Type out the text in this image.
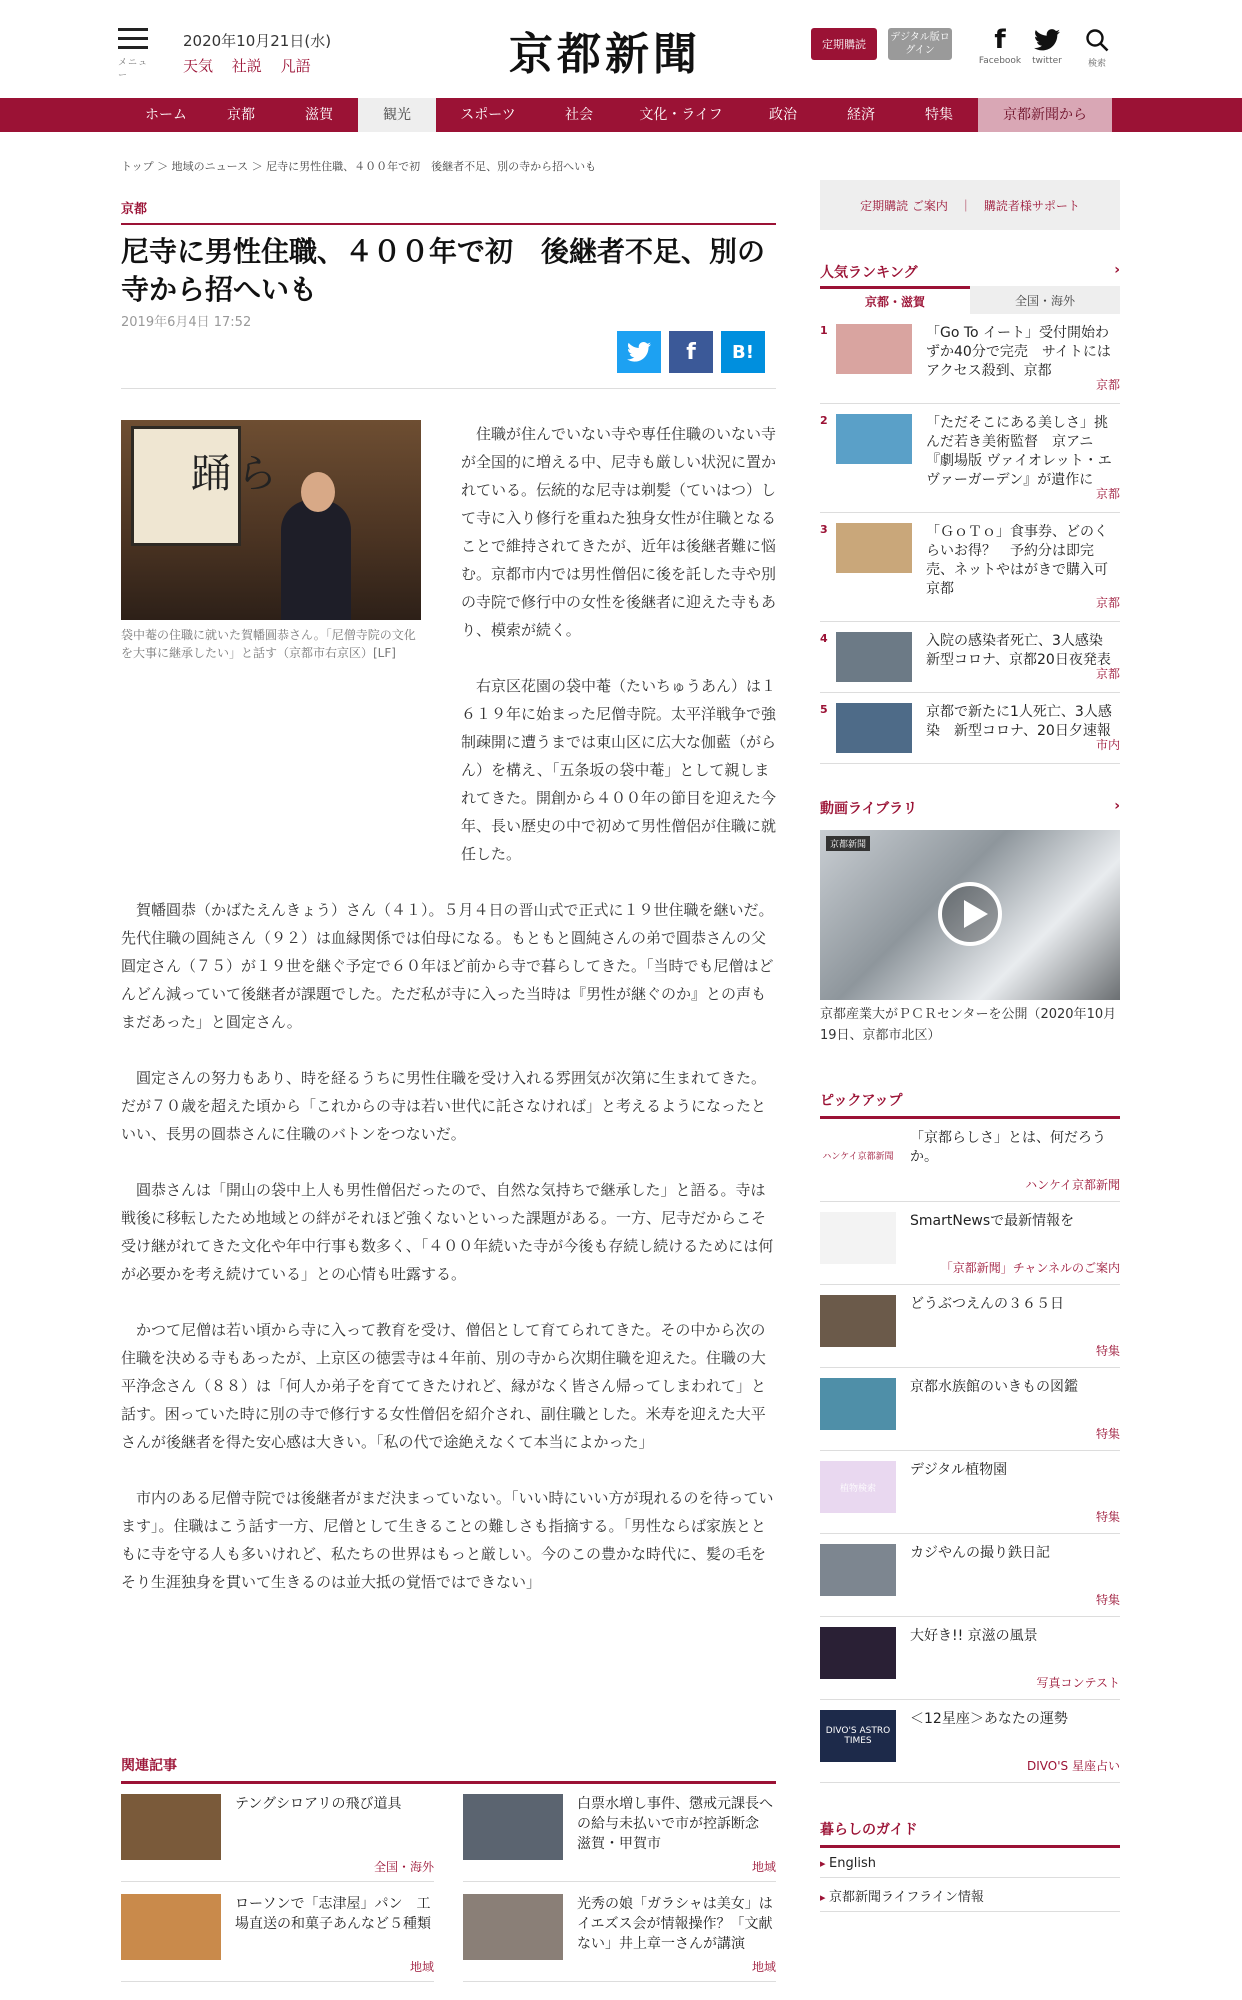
メニュー
2020年10月21日(水)
天気 社説 凡語	京都新聞	定期購読	デジタル版ログイン	f
Facebook	twitter	検索
ホーム	京都	滋賀	観光	スポーツ	社会	文化・ライフ	政治	経済	特集	京都新聞から
トップ ＞ 地域のニュース ＞ 尼寺に男性住職、４００年で初　後継者不足、別の寺から招へいも
京都
尼寺に男性住職、４００年で初　後継者不足、別の寺から招へいも
2019年6月4日 17:52
f	B!
踊ら
袋中菴の住職に就いた賀幡圓恭さん。「尼僧寺院の文化を大事に継承したい」と話す（京都市右京区）[LF]

住職が住んでいない寺や専任住職のいない寺が全国的に増える中、尼寺も厳しい状況に置かれている。伝統的な尼寺は剃髪（ていはつ）して寺に入り修行を重ねた独身女性が住職となることで維持されてきたが、近年は後継者難に悩む。京都市内では男性僧侶に後を託した寺や別の寺院で修行中の女性を後継者に迎えた寺もあり、模索が続く。

右京区花園の袋中菴（たいちゅうあん）は１６１９年に始まった尼僧寺院。太平洋戦争で強制疎開に遭うまでは東山区に広大な伽藍（がらん）を構え、「五条坂の袋中菴」として親しまれてきた。開創から４００年の節目を迎えた今年、長い歴史の中で初めて男性僧侶が住職に就任した。

賀幡圓恭（かばたえんきょう）さん（４１）。５月４日の晋山式で正式に１９世住職を継いだ。先代住職の圓純さん（９２）は血縁関係では伯母になる。もともと圓純さんの弟で圓恭さんの父圓定さん（７５）が１９世を継ぐ予定で６０年ほど前から寺で暮らしてきた。「当時でも尼僧はどんどん減っていて後継者が課題でした。ただ私が寺に入った当時は『男性が継ぐのか』との声もまだあった」と圓定さん。

圓定さんの努力もあり、時を経るうちに男性住職を受け入れる雰囲気が次第に生まれてきた。だが７０歳を超えた頃から「これからの寺は若い世代に託さなければ」と考えるようになったといい、長男の圓恭さんに住職のバトンをつないだ。

圓恭さんは「開山の袋中上人も男性僧侶だったので、自然な気持ちで継承した」と語る。寺は戦後に移転したため地域との絆がそれほど強くないといった課題がある。一方、尼寺だからこそ受け継がれてきた文化や年中行事も数多く、「４００年続いた寺が今後も存続し続けるためには何が必要かを考え続けている」との心情も吐露する。

かつて尼僧は若い頃から寺に入って教育を受け、僧侶として育てられてきた。その中から次の住職を決める寺もあったが、上京区の徳雲寺は４年前、別の寺から次期住職を迎えた。住職の大平浄念さん（８８）は「何人か弟子を育ててきたけれど、縁がなく皆さん帰ってしまわれて」と話す。困っていた時に別の寺で修行する女性僧侶を紹介され、副住職とした。米寿を迎えた大平さんが後継者を得た安心感は大きい。「私の代で途絶えなくて本当によかった」

市内のある尼僧寺院では後継者がまだ決まっていない。「いい時にいい方が現れるのを待っています」。住職はこう話す一方、尼僧として生きることの難しさも指摘する。「男性ならば家族とともに寺を守る人も多いけれど、私たちの世界はもっと厳しい。今のこの豊かな時代に、髪の毛をそり生涯独身を貫いて生きるのは並大抵の覚悟ではできない」

関連記事
テングシロアリの飛び道具
全国・海外
白票水増し事件、懲戒元課長への給与未払いで市が控訴断念　滋賀・甲賀市
地域
ローソンで「志津屋」パン　工場直送の和菓子あんなど５種類
地域
光秀の娘「ガラシャは美女」はイエズス会が情報操作？「文献ない」井上章一さんが講演
地域
定期購読 ご案内　｜　購読者様サポート
人気ランキング	›
京都・滋賀	全国・海外
1	「Go To イート」受付開始わずか40分で完売　サイトにはアクセス殺到、京都
京都
2	「ただそこにある美しさ」挑んだ若き美術監督　京アニ『劇場版 ヴァイオレット・エヴァーガーデン』が遺作に
京都
3	「ＧｏＴｏ」食事券、どのくらいお得？　予約分は即完売、ネットやはがきで購入可　京都
京都
4	入院の感染者死亡、3人感染　新型コロナ、京都20日夜発表
京都
5	京都で新たに1人死亡、3人感染　新型コロナ、20日夕速報
市内
動画ライブラリ	›
京都新聞
京都産業大がＰＣＲセンターを公開（2020年10月19日、京都市北区）
ピックアップ
ハンケイ京都新聞
「京都らしさ」とは、何だろうか。
ハンケイ京都新聞
SmartNewsで最新情報を
「京都新聞」チャンネルのご案内
どうぶつえんの３６５日
特集
京都水族館のいきもの図鑑
特集
植物検索
デジタル植物園
特集
カジやんの撮り鉄日記
特集
大好き!! 京滋の風景
写真コンテスト
DIVO'S ASTRO TIMES
＜12星座＞あなたの運勢
DIVO'S 星座占い
暮らしのガイド
▸ English
▸ 京都新聞ライフライン情報
